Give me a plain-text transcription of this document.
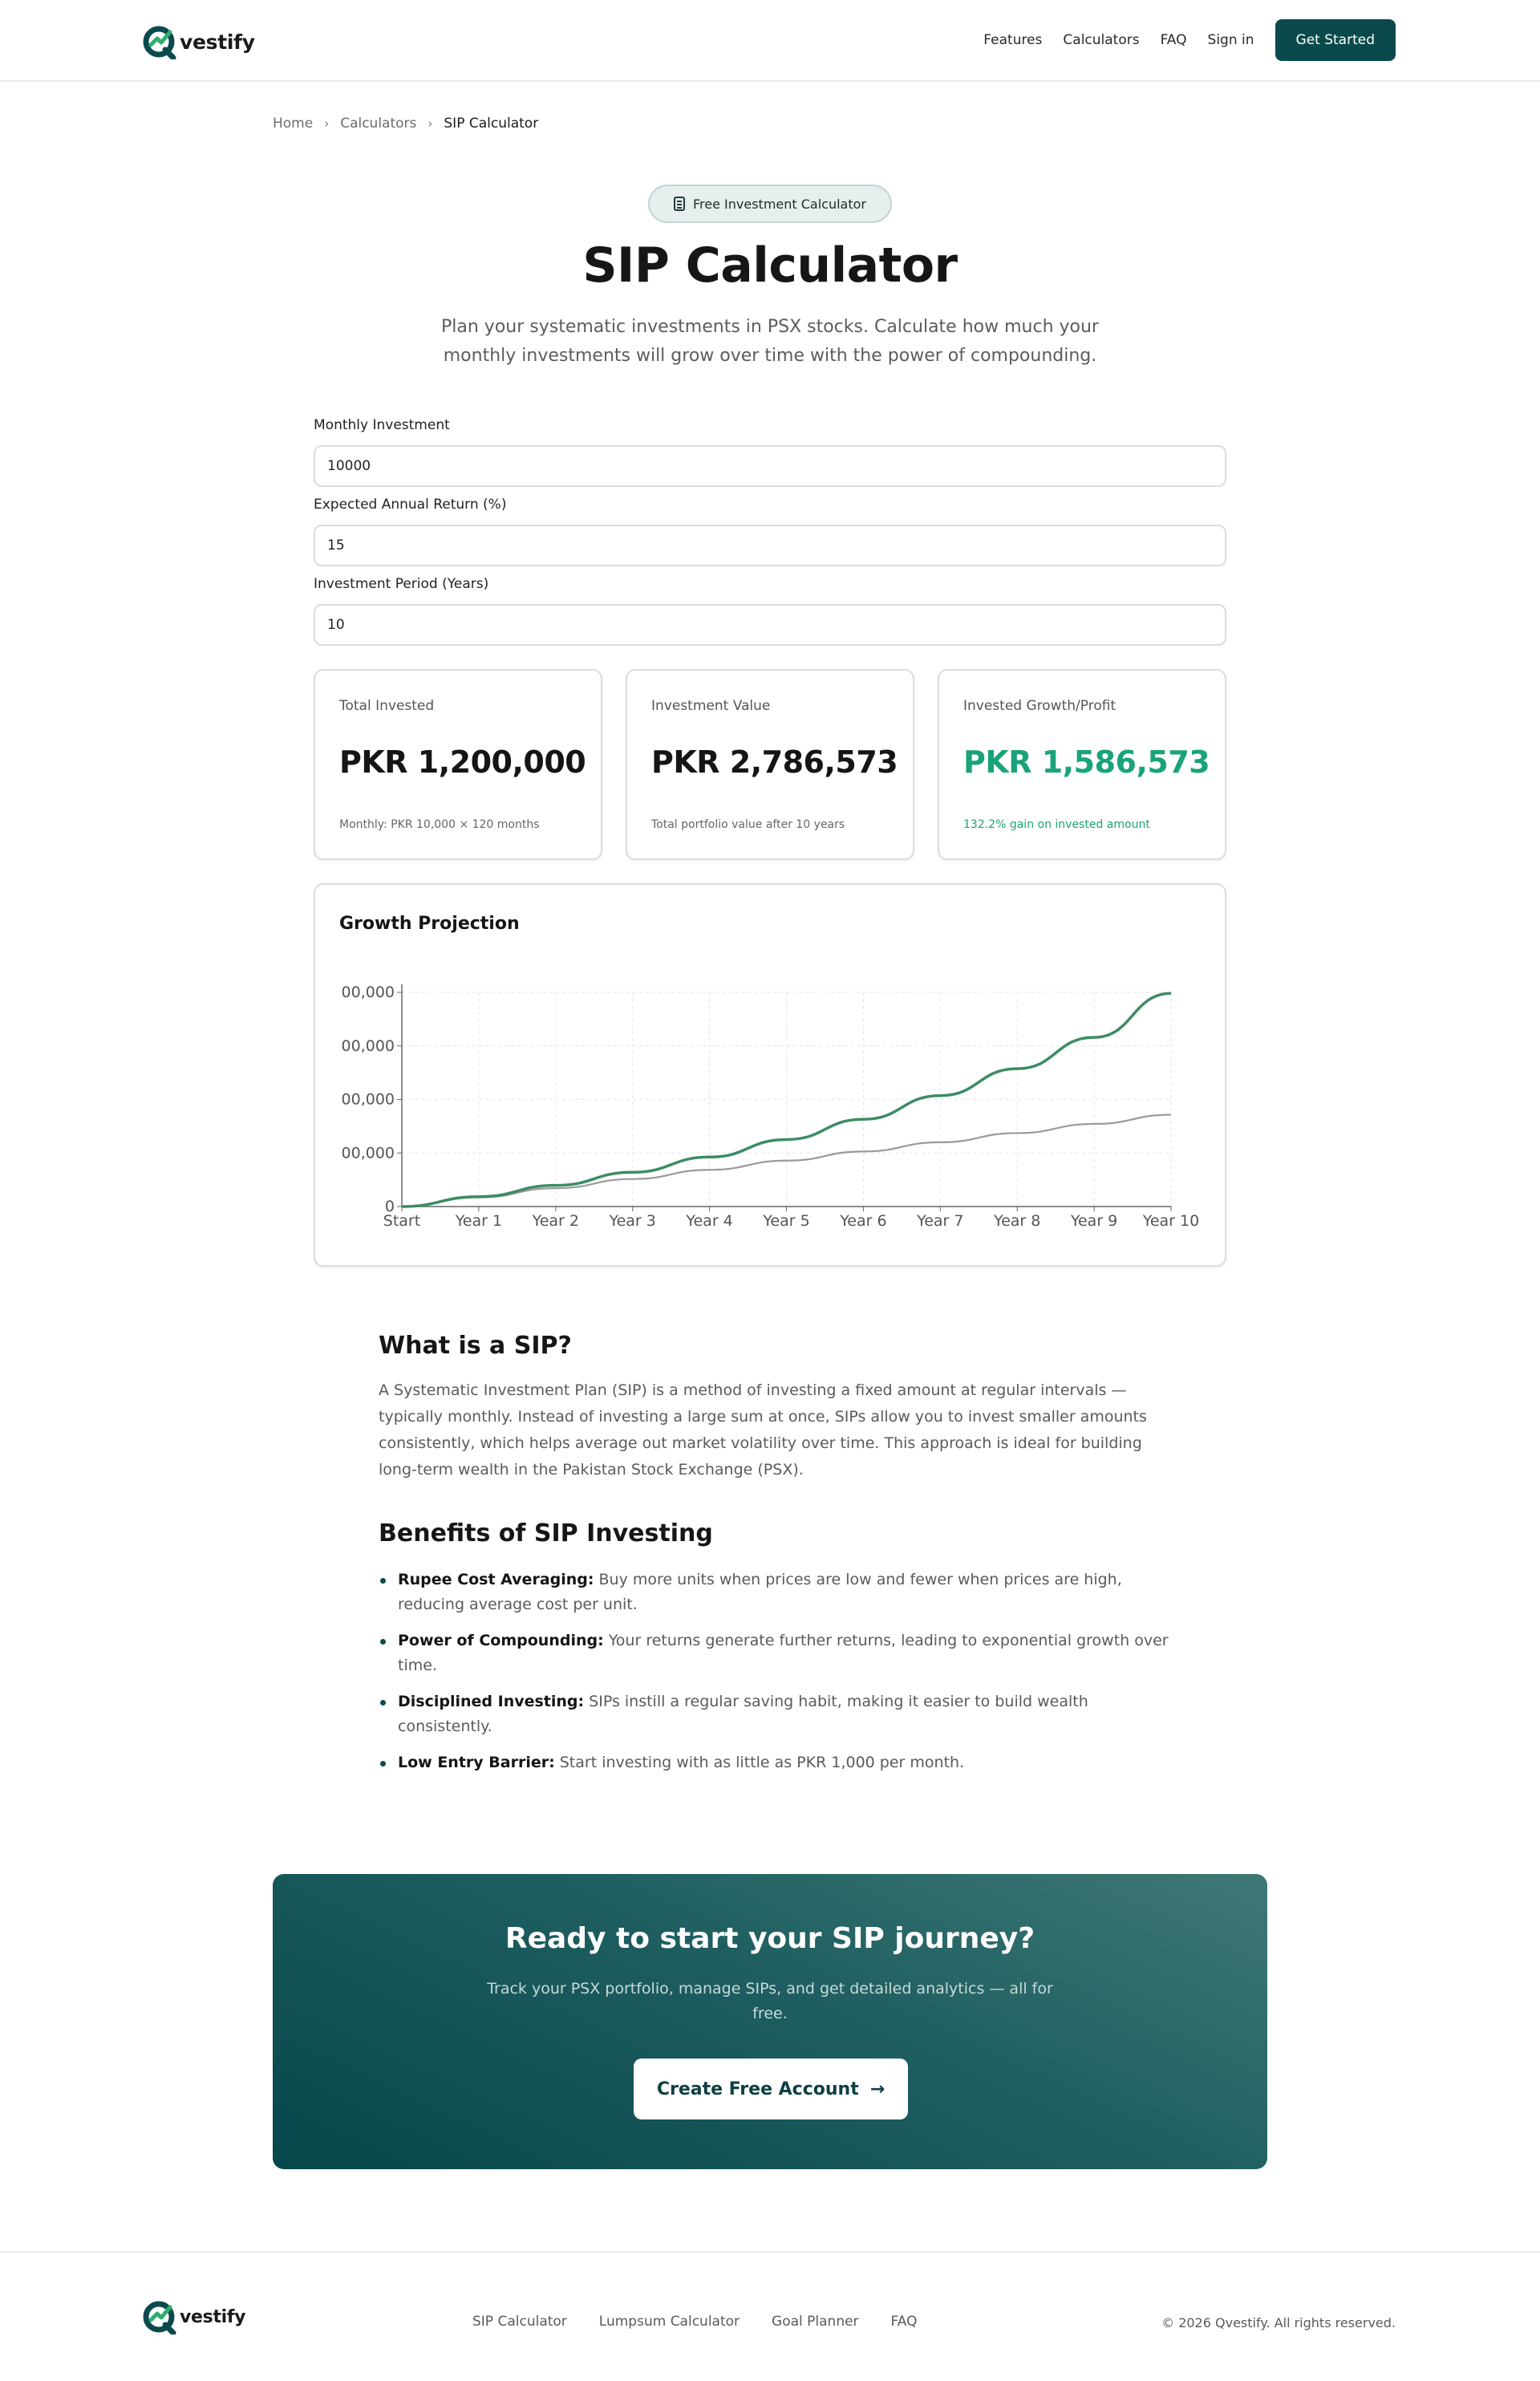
vestify	Features Calculators FAQ Sign in	Get Started
Home › Calculators › SIP Calculator
Free Investment Calculator
SIP Calculator
Plan your systematic investments in PSX stocks. Calculate how much your monthly investments will grow over time with the power of compounding.
Monthly Investment
10000
Expected Annual Return (%)
15
Investment Period (Years)
10
Total Invested
PKR 1,200,000
Monthly: PKR 10,000 × 120 months
Investment Value
PKR 2,786,573
Total portfolio value after 10 years
Invested Growth/Profit
PKR 1,586,573
132.2% gain on invested amount
Growth Projection
0
00,000
00,000
00,000
00,000
Start Year 1 Year 2 Year 3 Year 4 Year 5 Year 6 Year 7 Year 8 Year 9 Year 10
What is a SIP?
A Systematic Investment Plan (SIP) is a method of investing a fixed amount at regular intervals — typically monthly. Instead of investing a large sum at once, SIPs allow you to invest smaller amounts consistently, which helps average out market volatility over time. This approach is ideal for building long-term wealth in the Pakistan Stock Exchange (PSX).
Benefits of SIP Investing
Rupee Cost Averaging: Buy more units when prices are low and fewer when prices are high, reducing average cost per unit.
Power of Compounding: Your returns generate further returns, leading to exponential growth over time.
Disciplined Investing: SIPs instill a regular saving habit, making it easier to build wealth consistently.
Low Entry Barrier: Start investing with as little as PKR 1,000 per month.
Ready to start your SIP journey?
Track your PSX portfolio, manage SIPs, and get detailed analytics — all for free.
Create Free Account →
vestify	SIP Calculator Lumpsum Calculator Goal Planner FAQ	© 2026 Qvestify. All rights reserved.
